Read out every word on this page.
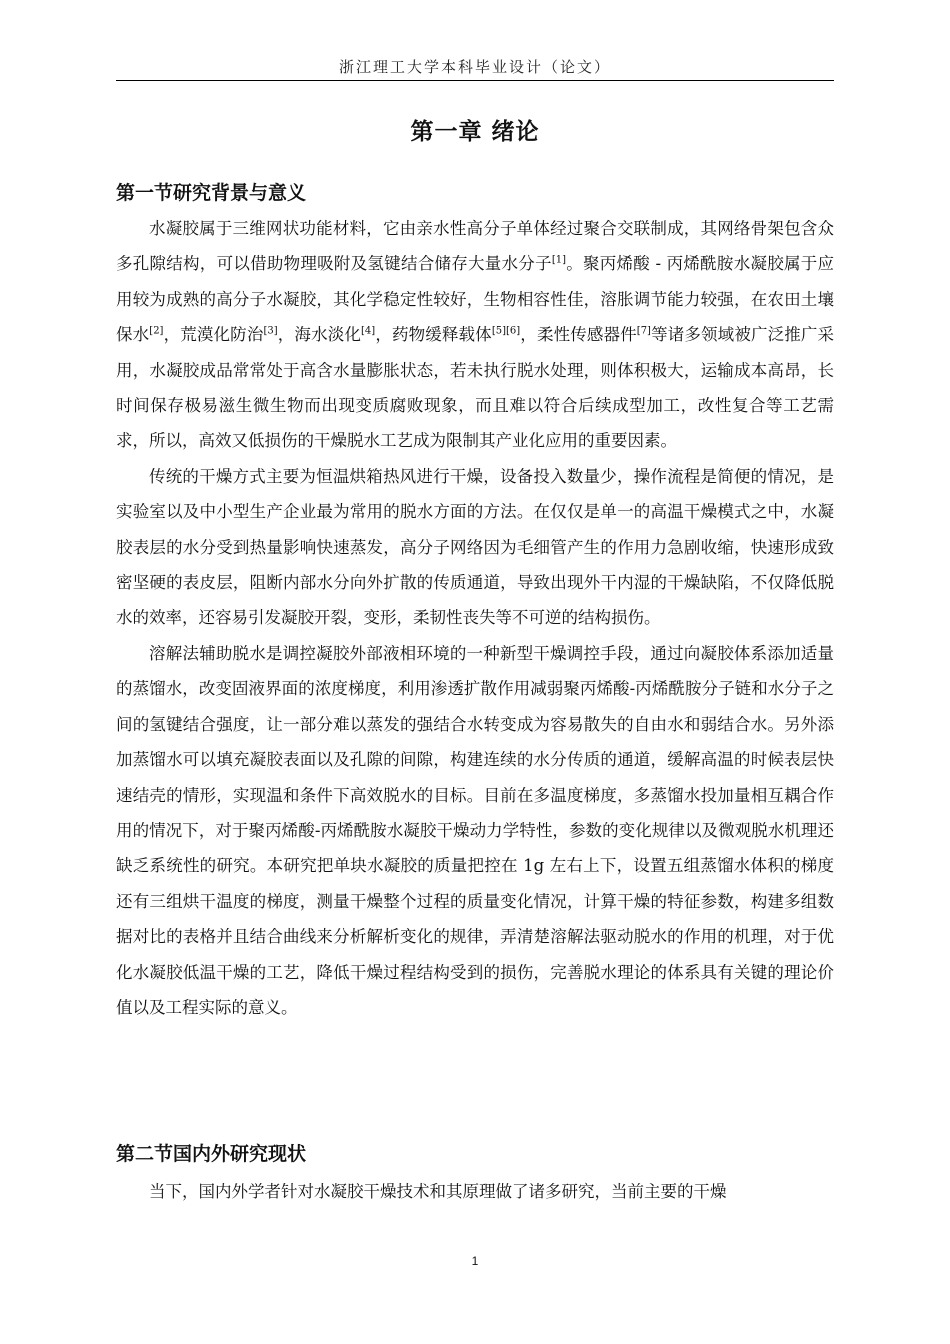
浙江理工大学本科毕业设计（论文）
第一章 绪论
第一节研究背景与意义

水凝胶属于三维网状功能材料，它由亲水性高分子单体经过聚合交联制成，其网络骨架包含众多孔隙结构，可以借助物理吸附及氢键结合储存大量水分子[1]。聚丙烯酸 - 丙烯酰胺水凝胶属于应用较为成熟的高分子水凝胶，其化学稳定性较好，生物相容性佳，溶胀调节能力较强，在农田土壤保水[2]，荒漠化防治[3]，海水淡化[4]，药物缓释载体[5][6]，柔性传感器件[7]等诸多领域被广泛推广采用，水凝胶成品常常处于高含水量膨胀状态，若未执行脱水处理，则体积极大，运输成本高昂，长时间保存极易滋生微生物而出现变质腐败现象，而且难以符合后续成型加工，改性复合等工艺需求，所以，高效又低损伤的干燥脱水工艺成为限制其产业化应用的重要因素。

传统的干燥方式主要为恒温烘箱热风进行干燥，设备投入数量少，操作流程是简便的情况，是实验室以及中小型生产企业最为常用的脱水方面的方法。在仅仅是单一的高温干燥模式之中，水凝胶表层的水分受到热量影响快速蒸发，高分子网络因为毛细管产生的作用力急剧收缩，快速形成致密坚硬的表皮层，阻断内部水分向外扩散的传质通道，导致出现外干内湿的干燥缺陷，不仅降低脱水的效率，还容易引发凝胶开裂，变形，柔韧性丧失等不可逆的结构损伤。

溶解法辅助脱水是调控凝胶外部液相环境的一种新型干燥调控手段，通过向凝胶体系添加适量的蒸馏水，改变固液界面的浓度梯度，利用渗透扩散作用减弱聚丙烯酸-丙烯酰胺分子链和水分子之间的氢键结合强度，让一部分难以蒸发的强结合水转变成为容易散失的自由水和弱结合水。另外添加蒸馏水可以填充凝胶表面以及孔隙的间隙，构建连续的水分传质的通道，缓解高温的时候表层快速结壳的情形，实现温和条件下高效脱水的目标。目前在多温度梯度，多蒸馏水投加量相互耦合作用的情况下，对于聚丙烯酸-丙烯酰胺水凝胶干燥动力学特性，参数的变化规律以及微观脱水机理还缺乏系统性的研究。本研究把单块水凝胶的质量把控在 1g 左右上下，设置五组蒸馏水体积的梯度还有三组烘干温度的梯度，测量干燥整个过程的质量变化情况，计算干燥的特征参数，构建多组数据对比的表格并且结合曲线来分析解析变化的规律，弄清楚溶解法驱动脱水的作用的机理，对于优化水凝胶低温干燥的工艺，降低干燥过程结构受到的损伤，完善脱水理论的体系具有关键的理论价值以及工程实际的意义。

第二节国内外研究现状

当下，国内外学者针对水凝胶干燥技术和其原理做了诸多研究，当前主要的干燥

1
